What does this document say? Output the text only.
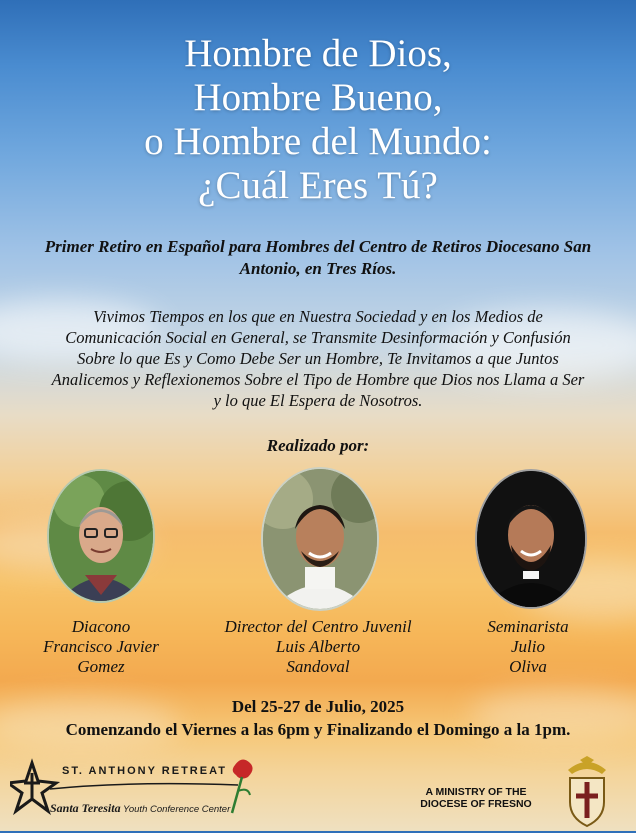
Hombre de Dios,
Hombre Bueno,
o Hombre del Mundo:
¿Cuál Eres Tú?
Primer Retiro en Español para Hombres del Centro de Retiros Diocesano San Antonio, en Tres Ríos.
Vivimos Tiempos en los que en Nuestra Sociedad y en los Medios de
Comunicación Social en General, se Transmite Desinformación y Confusión
Sobre lo que Es y Como Debe Ser un Hombre, Te Invitamos a que Juntos
Analicemos y Reflexionemos Sobre el Tipo de Hombre que Dios nos Llama a Ser
y lo que El Espera de Nosotros.
Realizado por:
Diacono
Francisco Javier
Gomez
Director del Centro Juvenil
Luis Alberto
Sandoval
Seminarista
Julio
Oliva
Del 25-27 de Julio, 2025
Comenzando el Viernes a las 6pm y Finalizando el Domingo a la 1pm.
ST. ANTHONY RETREAT
Santa Teresita Youth Conference Center
A MINISTRY OF THE
DIOCESE OF FRESNO
